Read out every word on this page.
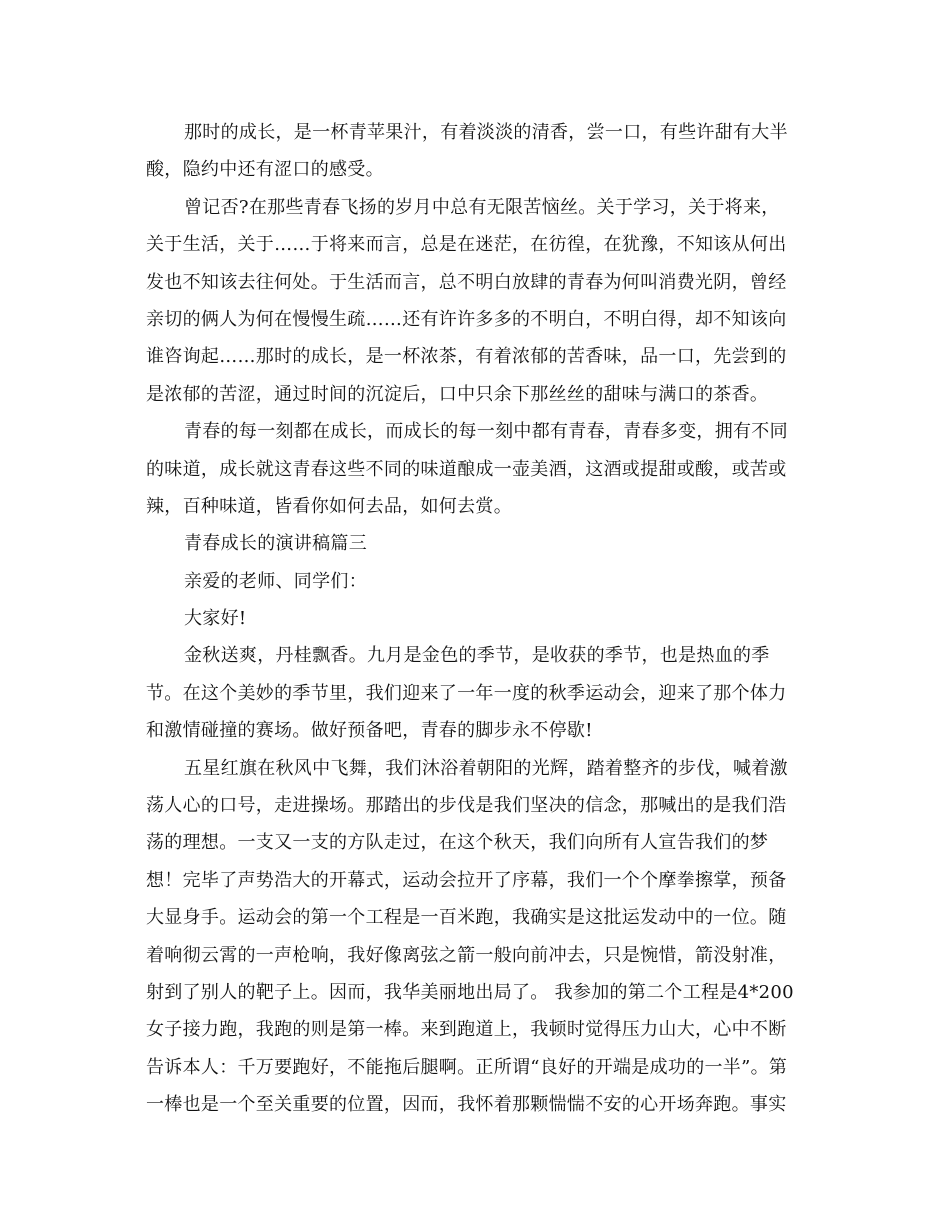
那时的成长，是一杯青苹果汁，有着淡淡的清香，尝一口，有些许甜有大半
酸，隐约中还有涩口的感受。
曾记否?在那些青春飞扬的岁月中总有无限苦恼丝。关于学习，关于将来，
关于生活，关于……于将来而言，总是在迷茫，在彷徨，在犹豫，不知该从何出
发也不知该去往何处。于生活而言，总不明白放肆的青春为何叫消费光阴，曾经
亲切的俩人为何在慢慢生疏……还有许许多多的不明白，不明白得，却不知该向
谁咨询起……那时的成长，是一杯浓茶，有着浓郁的苦香味，品一口，先尝到的
是浓郁的苦涩，通过时间的沉淀后，口中只余下那丝丝的甜味与满口的茶香。
青春的每一刻都在成长，而成长的每一刻中都有青春，青春多变，拥有不同
的味道，成长就这青春这些不同的味道酿成一壶美酒，这酒或提甜或酸，或苦或
辣，百种味道，皆看你如何去品，如何去赏。
青春成长的演讲稿篇三
亲爱的老师、同学们：
大家好!
金秋送爽，丹桂飘香。九月是金色的季节，是收获的季节，也是热血的季
节。在这个美妙的季节里，我们迎来了一年一度的秋季运动会，迎来了那个体力
和激情碰撞的赛场。做好预备吧，青春的脚步永不停歇!
五星红旗在秋风中飞舞，我们沐浴着朝阳的光辉，踏着整齐的步伐，喊着激
荡人心的口号，走进操场。那踏出的步伐是我们坚决的信念，那喊出的是我们浩
荡的理想。一支又一支的方队走过，在这个秋天，我们向所有人宣告我们的梦
想！完毕了声势浩大的开幕式，运动会拉开了序幕，我们一个个摩拳擦掌，预备
大显身手。运动会的第一个工程是一百米跑，我确实是这批运发动中的一位。随
着响彻云霄的一声枪响，我好像离弦之箭一般向前冲去，只是惋惜，箭没射准，
射到了别人的靶子上。因而，我华美丽地出局了。 我参加的第二个工程是4*200
女子接力跑，我跑的则是第一棒。来到跑道上，我顿时觉得压力山大，心中不断
告诉本人：千万要跑好，不能拖后腿啊。正所谓“良好的开端是成功的一半”。第
一棒也是一个至关重要的位置，因而，我怀着那颗惴惴不安的心开场奔跑。事实
